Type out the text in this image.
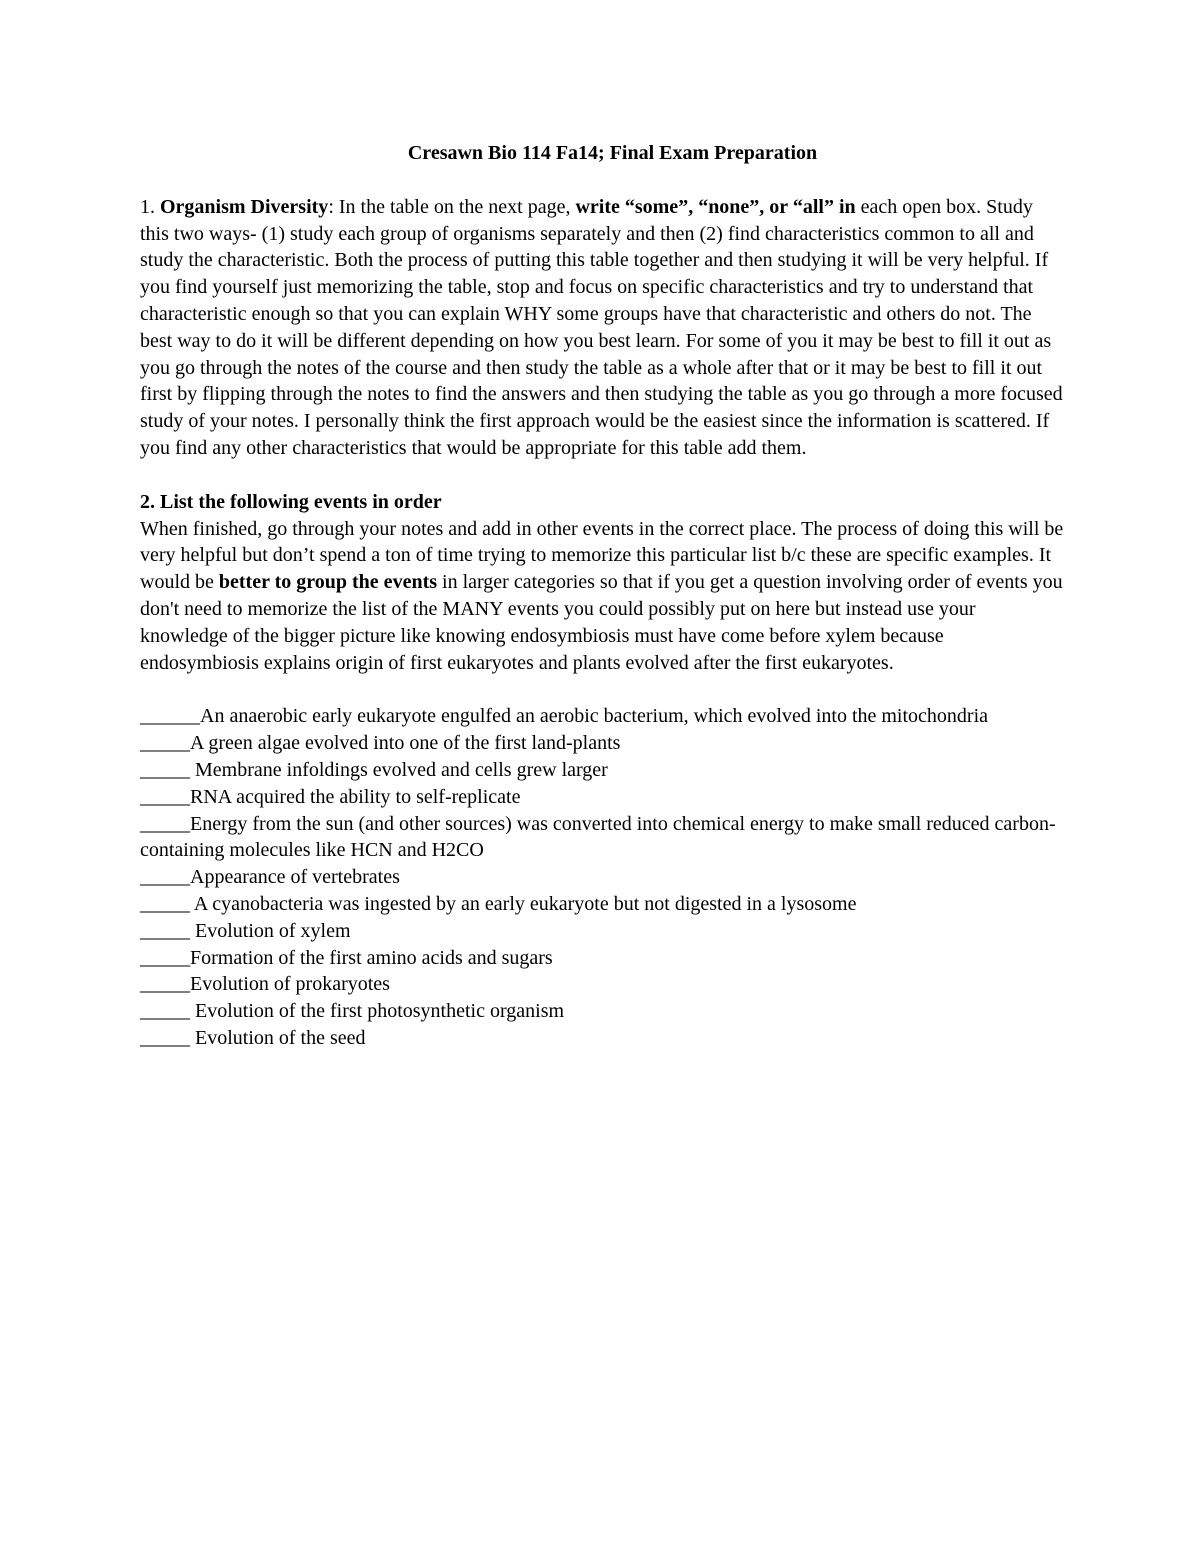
Cresawn Bio 114 Fa14; Final Exam Preparation

1. Organism Diversity: In the table on the next page, write “some”, “none”, or “all” in each open box. Study this two ways- (1) study each group of organisms separately and then (2) find characteristics common to all and study the characteristic. Both the process of putting this table together and then studying it will be very helpful. If you find yourself just memorizing the table, stop and focus on specific characteristics and try to understand that characteristic enough so that you can explain WHY some groups have that characteristic and others do not. The best way to do it will be different depending on how you best learn. For some of you it may be best to fill it out as you go through the notes of the course and then study the table as a whole after that or it may be best to fill it out first by flipping through the notes to find the answers and then studying the table as you go through a more focused study of your notes. I personally think the first approach would be the easiest since the information is scattered. If you find any other characteristics that would be appropriate for this table add them.

2. List the following events in order

When finished, go through your notes and add in other events in the correct place. The process of doing this will be very helpful but don’t spend a ton of time trying to memorize this particular list b/c these are specific examples. It would be better to group the events in larger categories so that if you get a question involving order of events you don't need to memorize the list of the MANY events you could possibly put on here but instead use your knowledge of the bigger picture like knowing endosymbiosis must have come before xylem because endosymbiosis explains origin of first eukaryotes and plants evolved after the first eukaryotes.

______An anaerobic early eukaryote engulfed an aerobic bacterium, which evolved into the mitochondria

_____A green algae evolved into one of the first land-plants

_____ Membrane infoldings evolved and cells grew larger

_____RNA acquired the ability to self-replicate

_____Energy from the sun (and other sources) was converted into chemical energy to make small reduced carbon-containing molecules like HCN and H2CO

_____Appearance of vertebrates

_____ A cyanobacteria was ingested by an early eukaryote but not digested in a lysosome

_____ Evolution of xylem

_____Formation of the first amino acids and sugars

_____Evolution of prokaryotes

_____ Evolution of the first photosynthetic organism

_____ Evolution of the seed
